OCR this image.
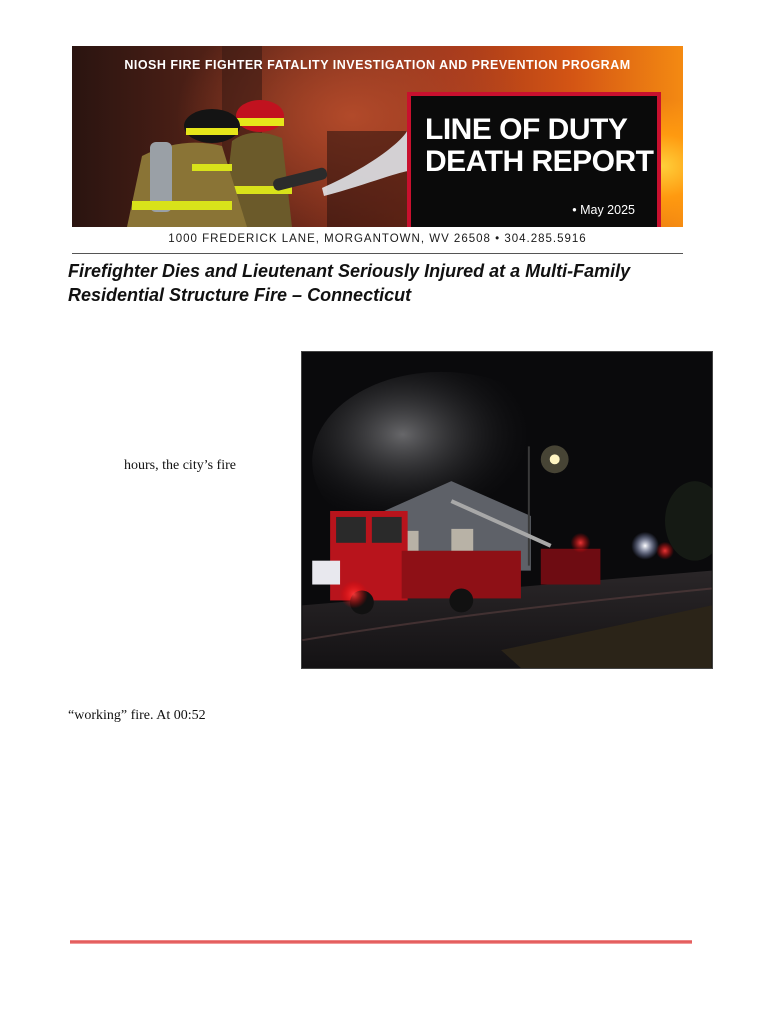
NIOSH FIRE FIGHTER FATALITY INVESTIGATION AND PREVENTION PROGRAM
LINE OF DUTY
DEATH REPORT
• May 2025
1000 FREDERICK LANE, MORGANTOWN, WV 26508 • 304.285.5916
Firefighter Dies and Lieutenant Seriously Injured at a Multi-Family Residential Structure Fire – Connecticut
hours, the city’s fire
“working” fire. At 00:52
